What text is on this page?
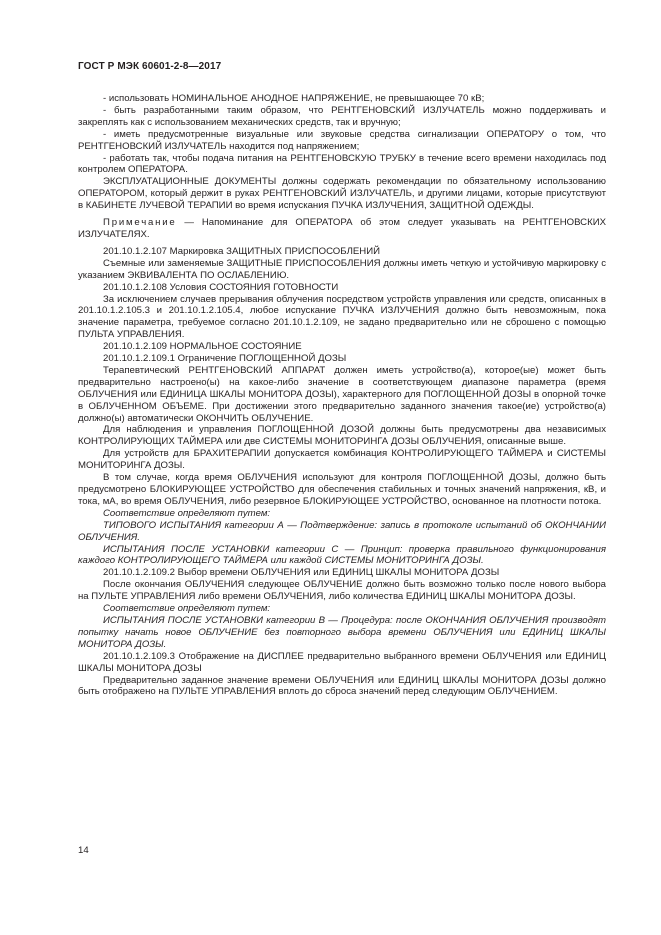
ГОСТ Р МЭК 60601-2-8—2017

- использовать НОМИНАЛЬНОЕ АНОДНОЕ НАПРЯЖЕНИЕ, не превышающее 70 кВ;

- быть разработанными таким образом, что РЕНТГЕНОВСКИЙ ИЗЛУЧАТЕЛЬ можно поддерживать и закреплять как с использованием механических средств, так и вручную;

- иметь предусмотренные визуальные или звуковые средства сигнализации ОПЕРАТОРУ о том, что РЕНТГЕНОВСКИЙ ИЗЛУЧАТЕЛЬ находится под напряжением;

- работать так, чтобы подача питания на РЕНТГЕНОВСКУЮ ТРУБКУ в течение всего времени находилась под контролем ОПЕРАТОРА.

ЭКСПЛУАТАЦИОННЫЕ ДОКУМЕНТЫ должны содержать рекомендации по обязательному использованию ОПЕРАТОРОМ, который держит в руках РЕНТГЕНОВСКИЙ ИЗЛУЧАТЕЛЬ, и другими лицами, которые присутствуют в КАБИНЕТЕ ЛУЧЕВОЙ ТЕРАПИИ во время испускания ПУЧКА ИЗЛУЧЕНИЯ, ЗАЩИТНОЙ ОДЕЖДЫ.

Примечание — Напоминание для ОПЕРАТОРА об этом следует указывать на РЕНТГЕНОВСКИХ ИЗЛУЧАТЕЛЯХ.

201.10.1.2.107 Маркировка ЗАЩИТНЫХ ПРИСПОСОБЛЕНИЙ

Съемные или заменяемые ЗАЩИТНЫЕ ПРИСПОСОБЛЕНИЯ должны иметь четкую и устойчивую маркировку с указанием ЭКВИВАЛЕНТА ПО ОСЛАБЛЕНИЮ.

201.10.1.2.108 Условия СОСТОЯНИЯ ГОТОВНОСТИ

За исключением случаев прерывания облучения посредством устройств управления или средств, описанных в 201.10.1.2.105.3 и 201.10.1.2.105.4, любое испускание ПУЧКА ИЗЛУЧЕНИЯ должно быть невозможным, пока значение параметра, требуемое согласно 201.10.1.2.109, не задано предварительно или не сброшено с помощью ПУЛЬТА УПРАВЛЕНИЯ.

201.10.1.2.109 НОРМАЛЬНОЕ СОСТОЯНИЕ

201.10.1.2.109.1 Ограничение ПОГЛОЩЕННОЙ ДОЗЫ

Терапевтический РЕНТГЕНОВСКИЙ АППАРАТ должен иметь устройство(а), которое(ые) может быть предварительно настроено(ы) на какое-либо значение в соответствующем диапазоне параметра (время ОБЛУЧЕНИЯ или ЕДИНИЦА ШКАЛЫ МОНИТОРА ДОЗЫ), характерного для ПОГЛОЩЕННОЙ ДОЗЫ в опорной точке в ОБЛУЧЕННОМ ОБЪЕМЕ. При достижении этого предварительно заданного значения такое(ие) устройство(а) должно(ы) автоматически ОКОНЧИТЬ ОБЛУЧЕНИЕ.

Для наблюдения и управления ПОГЛОЩЕННОЙ ДОЗОЙ должны быть предусмотрены два независимых КОНТРОЛИРУЮЩИХ ТАЙМЕРА или две СИСТЕМЫ МОНИТОРИНГА ДОЗЫ ОБЛУЧЕНИЯ, описанные выше.

Для устройств для БРАХИТЕРАПИИ допускается комбинация КОНТРОЛИРУЮЩЕГО ТАЙМЕРА и СИСТЕМЫ МОНИТОРИНГА ДОЗЫ.

В том случае, когда время ОБЛУЧЕНИЯ используют для контроля ПОГЛОЩЕННОЙ ДОЗЫ, должно быть предусмотрено БЛОКИРУЮЩЕЕ УСТРОЙСТВО для обеспечения стабильных и точных значений напряжения, кВ, и тока, мА, во время ОБЛУЧЕНИЯ, либо резервное БЛОКИРУЮЩЕЕ УСТРОЙСТВО, основанное на плотности потока.

Соответствие определяют путем:

ТИПОВОГО ИСПЫТАНИЯ категории А — Подтверждение: запись в протоколе испытаний об ОКОНЧАНИИ ОБЛУЧЕНИЯ.

ИСПЫТАНИЯ ПОСЛЕ УСТАНОВКИ категории С — Принцип: проверка правильного функционирования каждого КОНТРОЛИРУЮЩЕГО ТАЙМЕРА или каждой СИСТЕМЫ МОНИТОРИНГА ДОЗЫ.

201.10.1.2.109.2 Выбор времени ОБЛУЧЕНИЯ или ЕДИНИЦ ШКАЛЫ МОНИТОРА ДОЗЫ

После окончания ОБЛУЧЕНИЯ следующее ОБЛУЧЕНИЕ должно быть возможно только после нового выбора на ПУЛЬТЕ УПРАВЛЕНИЯ либо времени ОБЛУЧЕНИЯ, либо количества ЕДИНИЦ ШКАЛЫ МОНИТОРА ДОЗЫ.

Соответствие определяют путем:

ИСПЫТАНИЯ ПОСЛЕ УСТАНОВКИ категории В — Процедура: после ОКОНЧАНИЯ ОБЛУЧЕНИЯ производят попытку начать новое ОБЛУЧЕНИЕ без повторного выбора времени ОБЛУЧЕНИЯ или ЕДИНИЦ ШКАЛЫ МОНИТОРА ДОЗЫ.

201.10.1.2.109.3 Отображение на ДИСПЛЕЕ предварительно выбранного времени ОБЛУЧЕНИЯ или ЕДИНИЦ ШКАЛЫ МОНИТОРА ДОЗЫ

Предварительно заданное значение времени ОБЛУЧЕНИЯ или ЕДИНИЦ ШКАЛЫ МОНИТОРА ДОЗЫ должно быть отображено на ПУЛЬТЕ УПРАВЛЕНИЯ вплоть до сброса значений перед следующим ОБЛУЧЕНИЕМ.

14
